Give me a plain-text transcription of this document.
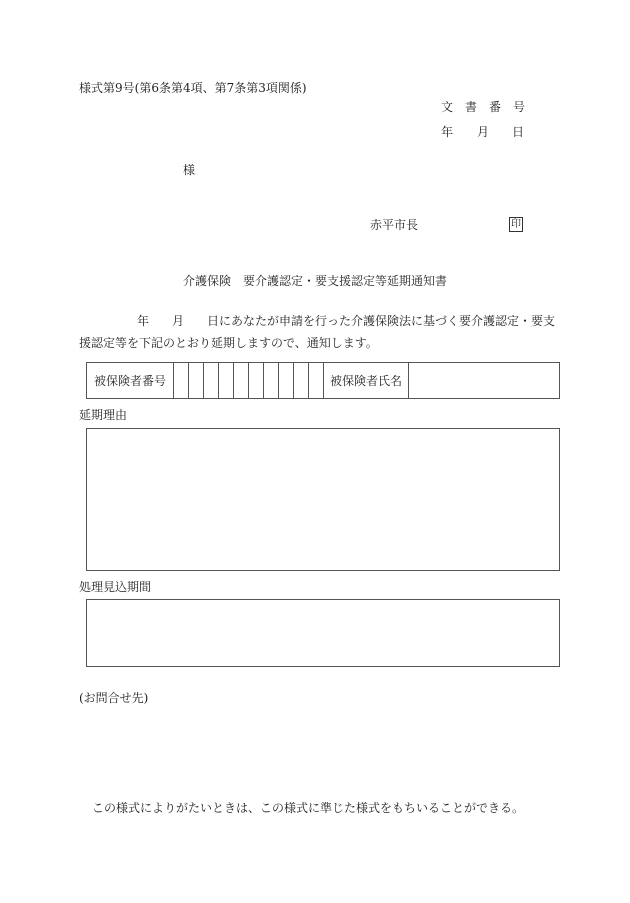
様式第9号(第6条第4項、第7条第3項関係)
文　書　番　号
年 月 日
様
赤平市長	印
介護保険　要介護認定・要支援認定等延期通知書
年 月 日にあなたが申請を行った介護保険法に基づく要介護認定・要支
援認定等を下記のとおり延期しますので、通知します。
被保険者番号											被保険者氏名	
延期理由
処理見込期間
(お問合せ先)
この様式によりがたいときは、この様式に準じた様式をもちいることができる。
